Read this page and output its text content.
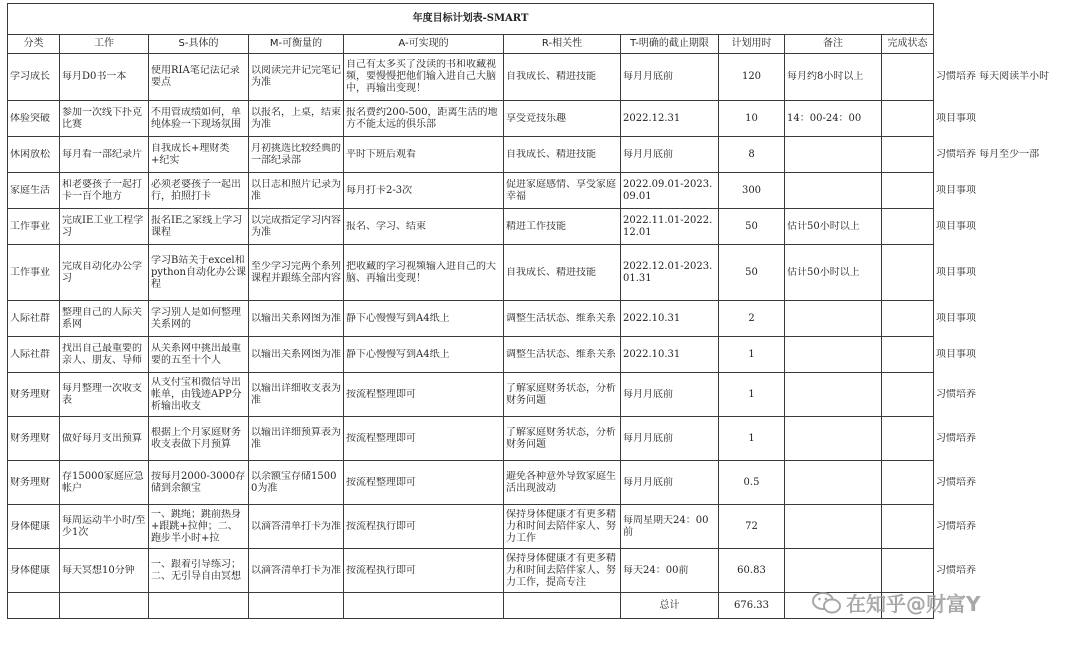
年度目标计划表-SMART										
分类	工作	S-具体的	M-可衡量的	A-可实现的	R-相关性	T-明确的截止期限	计划用时	备注	完成状态	

学习成长	每月D0书一本	使用RIA笔记法记录要点	以阅读完并记完笔记为准	自己有太多买了没读的书和收藏视频，要慢慢把他们输入进自己大脑中，再输出变现！	自我成长、精进技能	每月月底前	120	每月约8小时以上		习惯培养 每天阅读半小时

体验突破	参加一次线下扑克比赛	不用管成绩如何，单纯体验一下现场氛围	以报名，上桌，结束为准	报名费约200-500，距离生活的地方不能太远的俱乐部	享受竞技乐趣	2022.12.31	10	14：00-24：00		项目事项

休闲放松	每月看一部纪录片	自我成长+理财类+纪实	月初挑选比较经典的一部纪录部	平时下班后观看	自我成长、精进技能	每月月底前	8			习惯培养 每月至少一部

家庭生活	和老婆孩子一起打卡一百个地方	必须老婆孩子一起出行，拍照打卡	以日志和照片记录为准	每月打卡2-3次	促进家庭感情、享受家庭幸福	2022.09.01-2023.09.01	300			项目事项

工作事业	完成IE工业工程学习	报名IE之家线上学习课程	以完成指定学习内容为准	报名、学习、结束	精进工作技能	2022.11.01-2022.12.01	50	估计50小时以上		项目事项

工作事业	完成自动化办公学习	学习B站关于excel和python自动化办公课程	至少学习完两个系列课程并跟练全部内容	把收藏的学习视频输入进自己的大脑、再输出变现！	自我成长、精进技能	2022.12.01-2023.01.31	50	估计50小时以上		项目事项

人际社群	整理自己的人际关系网	学习别人是如何整理关系网的	以输出关系网图为准	静下心慢慢写到A4纸上	调整生活状态、维系关系	2022.10.31	2			项目事项

人际社群	找出自己最重要的亲人、朋友、导师	从关系网中挑出最重要的五至十个人	以输出关系网图为准	静下心慢慢写到A4纸上	调整生活状态、维系关系	2022.10.31	1			项目事项

财务理财	每月整理一次收支表	从支付宝和微信导出帐单，由钱迹APP分析输出收支	以输出详细收支表为准	按流程整理即可	了解家庭财务状态，分析财务问题	每月月底前	1			习惯培养

财务理财	做好每月支出预算	根据上个月家庭财务收支表做下月预算	以输出详细预算表为准	按流程整理即可	了解家庭财务状态，分析财务问题	每月月底前	1			习惯培养

财务理财	存15000家庭应急帐户	按每月2000-3000存储到余额宝	以余额宝存储15000为准	按流程整理即可	避免各种意外导致家庭生活出现波动	每月月底前	0.5			习惯培养

身体健康	每周运动半小时/至少1次	一、跳绳；跳前热身+跟跳+拉伸；二、跑步半小时+拉	以滴答清单打卡为准	按流程执行即可	保持身体健康才有更多精力和时间去陪伴家人、努力工作	每周星期天24：00前	72			习惯培养

身体健康	每天冥想10分钟	一、跟着引导练习；二、无引导自由冥想	以滴答清单打卡为准	按流程执行即可	保持身体健康才有更多精力和时间去陪伴家人、努力工作，提高专注	每天24：00前	60.83			习惯培养

						总计	676.33				在知乎@财富Y
